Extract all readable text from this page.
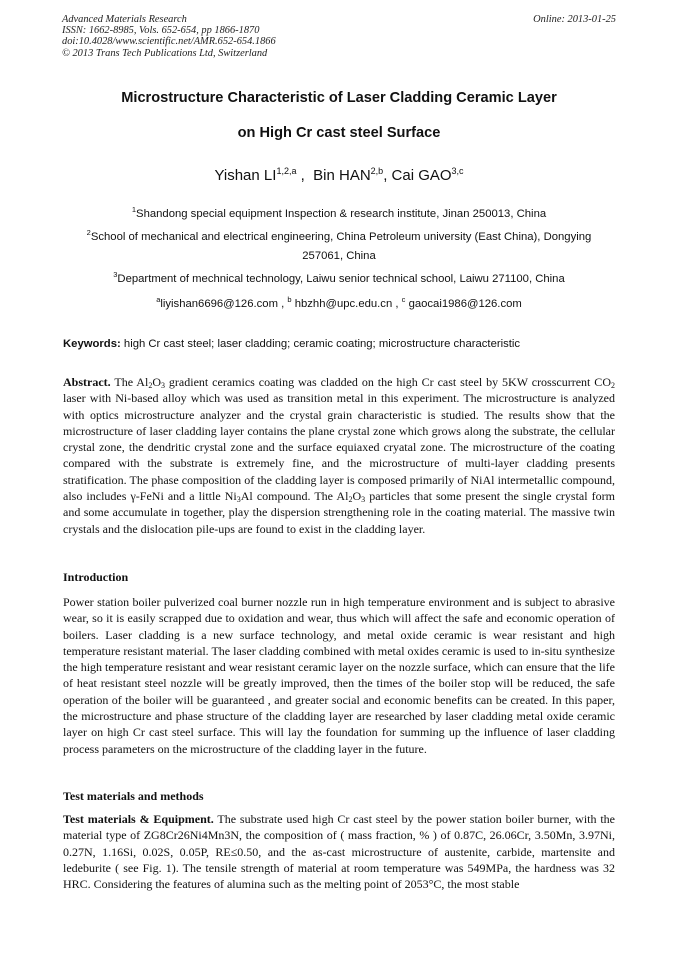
Advanced Materials Research
ISSN: 1662-8985, Vols. 652-654, pp 1866-1870
doi:10.4028/www.scientific.net/AMR.652-654.1866
© 2013 Trans Tech Publications Ltd, Switzerland
Online: 2013-01-25
Microstructure Characteristic of Laser Cladding Ceramic Layer
on High Cr cast steel Surface
Yishan LI$^{1,2,a}$ ,  Bin HAN$^{2,b}$, Cai GAO$^{3,c}$
$^1$Shandong special equipment Inspection & research institute, Jinan 250013, China
$^2$School of mechanical and electrical engineering, China Petroleum university (East China), Dongying
257061, China
$^3$Department of mechnical technology, Laiwu senior technical school, Laiwu 271100, China
$^a$liyishan6696@126.com , $^b$ hbzhh@upc.edu.cn , $^c$ gaocai1986@126.com
Keywords: high Cr cast steel; laser cladding; ceramic coating; microstructure characteristic
Abstract. The $Al_2O_3$ gradient ceramics coating was cladded on the high Cr cast steel by 5KW crosscurrent $CO_2$ laser with Ni-based alloy which was used as transition metal in this experiment. The microstructure is analyzed with optics microstructure analyzer and the crystal grain characteristic is studied. The results show that the microstructure of laser cladding layer contains the plane crystal zone which grows along the substrate, the cellular crystal zone, the dendritic crystal zone and the surface equiaxed cryatal zone. The microstructure of the coating compared with the substrate is extremely fine, and the microstructure of multi-layer cladding presents stratification. The phase composition of the cladding layer is composed primarily of NiAl intermetallic compound, also includes γ-FeNi and a little $Ni_3Al$ compound. The $Al_2O_3$ particles that some present the single crystal form and some accumulate in together, play the dispersion strengthening role in the coating material. The massive twin crystals and the dislocation pile-ups are found to exist in the cladding layer.
Introduction
Power station boiler pulverized coal burner nozzle run in high temperature environment and is subject to abrasive wear, so it is easily scrapped due to oxidation and wear, thus which will affect the safe and economic operation of boilers. Laser cladding is a new surface technology, and metal oxide ceramic is wear resistant and high temperature resistant material. The laser cladding combined with metal oxides ceramic is used to in-situ synthesize the high temperature resistant and wear resistant ceramic layer on the nozzle surface, which can ensure that the life of heat resistant steel nozzle will be greatly improved, then the times of the boiler stop will be reduced, the safe operation of the boiler will be guaranteed , and greater social and economic benefits can be created. In this paper, the microstructure and phase structure of the cladding layer are researched by laser cladding metal oxide ceramic layer on high Cr cast steel surface. This will lay the foundation for summing up the influence of laser cladding process parameters on the microstructure of the cladding layer in the future.
Test materials and methods
Test materials & Equipment. The substrate used high Cr cast steel by the power station boiler burner, with the material type of ZG8Cr26Ni4Mn3N, the composition of ( mass fraction, % ) of 0.87C, 26.06Cr, 3.50Mn, 3.97Ni, 0.27N, 1.16Si, 0.02S, 0.05P, RE≤0.50, and the as-cast microstructure of austenite, carbide, martensite and ledeburite ( see Fig. 1). The tensile strength of material at room temperature was 549MPa, the hardness was 32 HRC. Considering the features of alumina such as the melting point of 2053°C, the most stable
